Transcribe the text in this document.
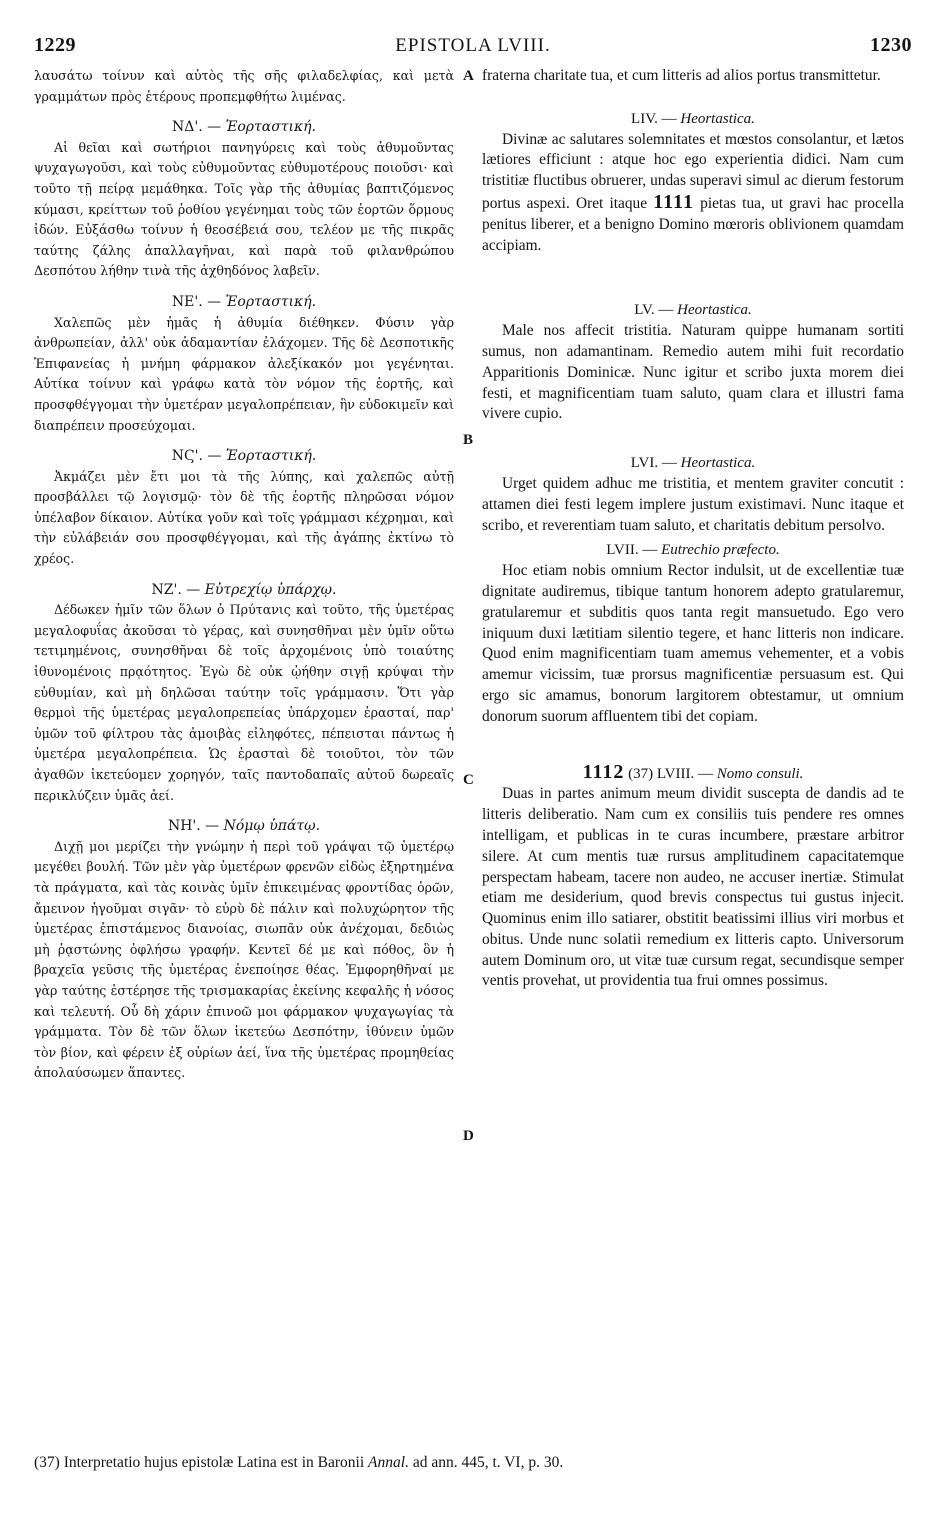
1229	EPISTOLA LVIII.	1230

λαυσάτω τοίνυν καὶ αὐτὸς τῆς σῆς φιλαδελφίας, καὶ μετὰ γραμμάτων πρὸς ἑτέρους προπεμφθήτω λιμένας.

ΝΔ'. — Ἑορταστική.

Αἱ θεῖαι καὶ σωτήριοι πανηγύρεις καὶ τοὺς ἀθυμοῦντας ψυχαγωγοῦσι, καὶ τοὺς εὐθυμοῦντας εὐθυμοτέρους ποιοῦσι· καὶ τοῦτο τῇ πείρᾳ μεμάθηκα. Τοῖς γὰρ τῆς ἀθυμίας βαπτιζόμενος κύμασι, κρείττων τοῦ ῥοθίου γεγένημαι τοὺς τῶν ἑορτῶν ὅρμους ἰδών. Εὐξάσθω τοίνυν ἡ θεοσέβειά σου, τελέον με τῆς πικρᾶς ταύτης ζάλης ἀπαλλαγῆναι, καὶ παρὰ τοῦ φιλανθρώπου Δεσπότου λήθην τινὰ τῆς ἀχθηδόνος λαβεῖν.

ΝΕ'. — Ἑορταστική.

Χαλεπῶς μὲν ἡμᾶς ἡ ἀθυμία διέθηκεν. Φύσιν γὰρ ἀνθρωπείαν, ἀλλ' οὐκ ἀδαμαντίαν ἐλάχομεν. Τῆς δὲ Δεσποτικῆς Ἐπιφανείας ἡ μνήμη φάρμακον ἀλεξίκακόν μοι γεγένηται. Αὐτίκα τοίνυν καὶ γράφω κατὰ τὸν νόμον τῆς ἑορτῆς, καὶ προσφθέγγομαι τὴν ὑμετέραν μεγαλοπρέπειαν, ἣν εὐδοκιμεῖν καὶ διαπρέπειν προσεύχομαι.

ΝϚ'. — Ἑορταστική.

Ἀκμάζει μὲν ἔτι μοι τὰ τῆς λύπης, καὶ χαλεπῶς αὐτῇ προσβάλλει τῷ λογισμῷ· τὸν δὲ τῆς ἑορτῆς πληρῶσαι νόμον ὑπέλαβον δίκαιον. Αὐτίκα γοῦν καὶ τοῖς γράμμασι κέχρημαι, καὶ τὴν εὐλάβειάν σου προσφθέγγομαι, καὶ τῆς ἀγάπης ἐκτίνω τὸ χρέος.

ΝΖ'. — Εὐτρεχίῳ ὑπάρχῳ.

Δέδωκεν ἡμῖν τῶν ὅλων ὁ Πρύτανις καὶ τοῦτο, τῆς ὑμετέρας μεγαλοφυΐας ἀκοῦσαι τὸ γέρας, καὶ συνησθῆναι μὲν ὑμῖν οὕτω τετιμημένοις, συνησθῆναι δὲ τοῖς ἀρχομένοις ὑπὸ τοιαύτης ἰθυνομένοις πρᾳότητος. Ἐγὼ δὲ οὐκ ᾠήθην σιγῇ κρύψαι τὴν εὐθυμίαν, καὶ μὴ δηλῶσαι ταύτην τοῖς γράμμασιν. Ὅτι γὰρ θερμοὶ τῆς ὑμετέρας μεγαλοπρεπείας ὑπάρχομεν ἐρασταί, παρ' ὑμῶν τοῦ φίλτρου τὰς ἀμοιβὰς εἰληφότες, πέπεισται πάντως ἡ ὑμετέρα μεγαλοπρέπεια. Ὡς ἐρασταὶ δὲ τοιοῦτοι, τὸν τῶν ἀγαθῶν ἱκετεύομεν χορηγόν, ταῖς παντοδαπαῖς αὐτοῦ δωρεαῖς περικλύζειν ὑμᾶς ἀεί.

ΝΗ'. — Νόμῳ ὑπάτῳ.

Διχῇ μοι μερίζει τὴν γνώμην ἡ περὶ τοῦ γράψαι τῷ ὑμετέρῳ μεγέθει βουλή. Τῶν μὲν γὰρ ὑμετέρων φρενῶν εἰδὼς ἐξηρτημένα τὰ πράγματα, καὶ τὰς κοινὰς ὑμῖν ἐπικειμένας φροντίδας ὁρῶν, ἄμεινον ἡγοῦμαι σιγᾶν· τὸ εὐρὺ δὲ πάλιν καὶ πολυχώρητον τῆς ὑμετέρας ἐπιστάμενος διανοίας, σιωπᾶν οὐκ ἀνέχομαι, δεδιὼς μὴ ῥᾳστώνης ὀφλήσω γραφήν. Κεντεῖ δέ με καὶ πόθος, ὃν ἡ βραχεῖα γεῦσις τῆς ὑμετέρας ἐνεποίησε θέας. Ἐμφορηθῆναί με γὰρ ταύτης ἐστέρησε τῆς τρισμακαρίας ἐκείνης κεφαλῆς ἡ νόσος καὶ τελευτή. Οὗ δὴ χάριν ἐπινοῶ μοι φάρμακον ψυχαγωγίας τὰ γράμματα. Τὸν δὲ τῶν ὅλων ἱκετεύω Δεσπότην, ἰθύνειν ὑμῶν τὸν βίον, καὶ φέρειν ἐξ οὐρίων ἀεί, ἵνα τῆς ὑμετέρας προμηθείας ἀπολαύσωμεν ἅπαντες.

A
B
C
D

fraterna charitate tua, et cum litteris ad alios portus transmittetur.

LIV. — Heortastica.

Divinæ ac salutares solemnitates et mœstos consolantur, et lætos lætiores efficiunt : atque hoc ego experientia didici. Nam cum tristitiæ fluctibus obruerer, undas superavi simul ac dierum festorum portus aspexi. Oret itaque 1111 pietas tua, ut gravi hac procella penitus liberer, et a benigno Domino mœroris oblivionem quamdam accipiam.

LV. — Heortastica.

Male nos affecit tristitia. Naturam quippe humanam sortiti sumus, non adamantinam. Remedio autem mihi fuit recordatio Apparitionis Dominicæ. Nunc igitur et scribo juxta morem diei festi, et magnificentiam tuam saluto, quam clara et illustri fama vivere cupio.

LVI. — Heortastica.

Urget quidem adhuc me tristitia, et mentem graviter concutit : attamen diei festi legem implere justum existimavi. Nunc itaque et scribo, et reverentiam tuam saluto, et charitatis debitum persolvo.

LVII. — Eutrechio præfecto.

Hoc etiam nobis omnium Rector indulsit, ut de excellentiæ tuæ dignitate audiremus, tibique tantum honorem adepto gratularemur, gratularemur et subditis quos tanta regit mansuetudo. Ego vero iniquum duxi lætitiam silentio tegere, et hanc litteris non indicare. Quod enim magnificentiam tuam amemus vehementer, et a vobis amemur vicissim, tuæ prorsus magnificentiæ persuasum est. Qui ergo sic amamus, bonorum largitorem obtestamur, ut omnium donorum suorum affluentem tibi det copiam.

1112 (37) LVIII. — Nomo consuli.

Duas in partes animum meum dividit suscepta de dandis ad te litteris deliberatio. Nam cum ex consiliis tuis pendere res omnes intelligam, et publicas in te curas incumbere, præstare arbitror silere. At cum mentis tuæ rursus amplitudinem capacitatemque perspectam habeam, tacere non audeo, ne accuser inertiæ. Stimulat etiam me desiderium, quod brevis conspectus tui gustus injecit. Quominus enim illo satiarer, obstitit beatissimi illius viri morbus et obitus. Unde nunc solatii remedium ex litteris capto. Universorum autem Dominum oro, ut vitæ tuæ cursum regat, secundisque semper ventis provehat, ut providentia tua frui omnes possimus.

(37) Interpretatio hujus epistolæ Latina est in Baronii Annal. ad ann. 445, t. VI, p. 30.
